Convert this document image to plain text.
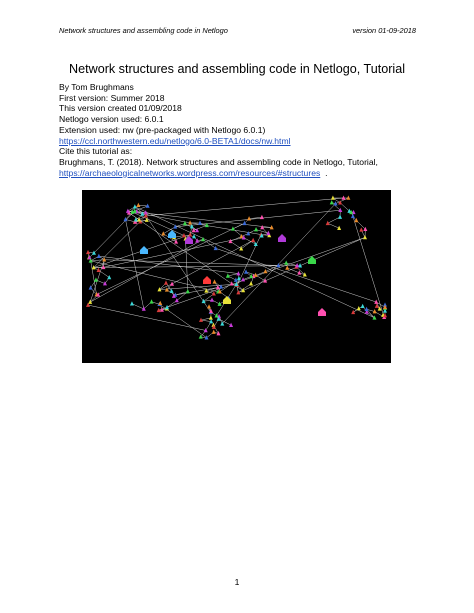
Network structures and assembling code in Netlogo	version 01-09-2018
Network structures and assembling code in Netlogo, Tutorial
By Tom Brughmans
First version: Summer 2018
This version created 01/09/2018
Netlogo version used: 6.0.1
Extension used: nw (pre-packaged with Netlogo 6.0.1)
https://ccl.northwestern.edu/netlogo/6.0-BETA1/docs/nw.html
Cite this tutorial as:
Brughmans, T. (2018). Network structures and assembling code in Netlogo, Tutorial,
https://archaeologicalnetworks.wordpress.com/resources/#structures .
1
